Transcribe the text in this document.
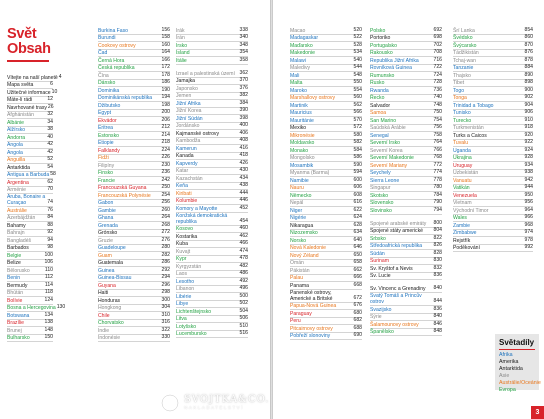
Svět
Obsah
Vítejte na naší planetě 4
Mapa světa	6
Užitečné informace 10
Máte-li rádi	12
Navrhované trasy 26
Afghánistán	32
Albánie	34
Alžírsko	38
Andorra	40
Angola	42
Angola	42
Anguilla	52
Antarktida	54
Antigua a Barbuda 58
Argentina	62
Arménie	70
Aruba, Bonaire a Curaçao	74
Austrálie	76
Ázerbájdžán	84
Bahamy	88
Bahrajn	92
Bangladéš	94
Barbados	98
Belgie	100
Belize	106
Bělorusko	110
Benin	112
Bermudy	114
Bhútán	118
Bolívie	124
Bosna a Hercegovina 130
Botswana	134
Brazílie	138
Brunej	148
Bulharsko	150
Burkina Faso	156
Burundi	158
Cookovy ostrovy	160
Čad	164
Černá Hora	166
Česká republika	172
Čína	178
Dánsko	186
Dominika	190
Dominikánská republika	194
Džibutsko	198
Egypt	200
Ekvádor	206
Eritrea	212
Estonsko	214
Etiopie	218
Falklandy	224
Fidži	226
Filipíny	230
Finsko	236
Francie	242
Francouzská Guyana	250
Francouzská Polynésie	254
Gabon	256
Gambie	260
Ghana	264
Grenada	268
Grónsko	272
Gruzie	276
Guadeloupe	280
Guam	282
Guatemala	286
Guinea	292
Guinea-Bissau	294
Guyana	296
Haiti	298
Honduras	300
Hongkong	304
Chile	310
Chorvatsko	316
Indie	322
Indonésie	330
Irák	338
Írán	340
Irsko	348
Island	354
Itálie	358
Izrael a palestinská území 362
Jamajka	370
Japonsko	376
Jemen	382
Jižní Afrika	384
Jižní Korea	390
Jižní Súdán	398
Jordánsko	400
Kajmanské ostrovy	406
Kambodža	408
Kamerun	416
Kanada	418
Kapverdy	426
Katar	430
Kazachstán	434
Keňa	438
Kiribati	444
Kolumbie	446
Komory a Mayotte	452
Konžská demokratická republika	454
Kosovo	460
Kostarika	462
Kuba	466
Kuvajt	474
Kypr	478
Kyrgyzstán	482
Laos	486
Lesotho	492
Libanon	496
Libérie	500
Libye	502
Lichtenštejnsko	504
Litva	506
Lotyšsko	510
Lucembursko	516
Macao	520
Madagaskar	522
Maďarsko	528
Makedonie	534
Malawi	540
Maledivy	544
Mali	548
Malta	550
Maroko	554
Marshallovy ostrovy	560
Martinik	562
Mauricius	566
Mauritánie	570
Mexiko	572
Mikronésie	580
Moldavsko	582
Monako	584
Mongolsko	586
Mosambik	590
Myanma (Barma)	594
Namibie	600
Nauru	606
Německo	608
Nepál	616
Niger	622
Nigérie	624
Nikaragua	628
Nizozemsko	634
Norsko	640
Nová Kaledonie	646
Nový Zéland	650
Omán	658
Pákistán	662
Palau	666
Panama	668
Panenské ostrovy, Americké a Britské	672
Papua-Nová Guinea	676
Paraguay	680
Peru	682
Pitcairnovy ostrovy	688
Pobřeží slonoviny	690
Polsko	692
Portoriko	698
Portugalsko	702
Rakousko	708
Republika Jižní Afrika	716
Rovníková Guinea	722
Rumunsko	724
Rusko	728
Rwanda	736
Řecko	740
Salvador	748
Samoa	750
San Marino	754
Saúdská Arábie	756
Senegal	758
Severní Irsko	764
Severní Korea	766
Severní Makedonie	768
Severní Mariany	772
Seychely	774
Sierra Leone	778
Singapur	780
Skotsko	784
Slovensko	790
Slovinsko	794
Spojené arabské emiráty	800
Spojené státy americké	804
Srbsko	822
Středoafrická republika	826
Súdán	828
Surinam	830
Sv. Kryštof a Nevis	832
Sv. Lucie	836
Sv. Vincenc a Grenadiny	840
Svatý Tomáš a Princův ostrov	844
Svazijsko	836
Sýrie	840
Šalamounovy ostrovy	846
Španělsko	848
Šrí Lanka	854
Švédsko	860
Švýcarsko	870
Tádžikistán	876
Tchaj-wan	878
Tanzanie	884
Thajsko	890
Tibet	898
Togo	900
Tonga	902
Trinidad a Tobago	904
Tunisko	906
Turecko	910
Turkmenistán	918
Turks a Caicos	920
Tuvalu	922
Uganda	924
Ukrajina	928
Uruguay	934
Uzbekistán	938
Vanuatu	942
Vatikán	944
Venezuela	950
Vietnam	956
Východní Timor	964
Wales	966
Zambie	968
Zimbabwe	974
Rejstřík	978
Poděkování	992
Světadíly
Afrika
Amerika
Antarktida
Asie
Austrálie/Oceánie
Evropa
3
SVOJTKA&CO.
NAKLADATELSTVÍ
